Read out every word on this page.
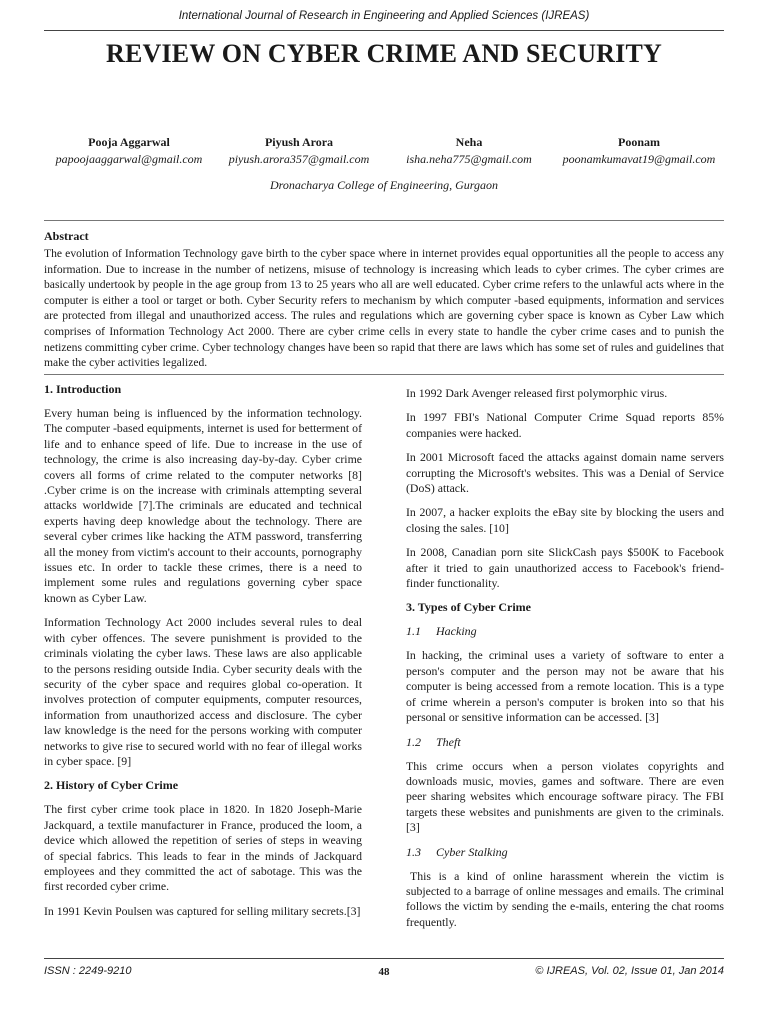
International Journal of Research in Engineering and Applied Sciences (IJREAS)
REVIEW ON CYBER CRIME AND SECURITY
Pooja Aggarwal
papoojaaggarwal@gmail.com
Piyush Arora
piyush.arora357@gmail.com
Neha
isha.neha775@gmail.com
Poonam
poonamkumavat19@gmail.com
Dronacharya College of Engineering, Gurgaon
Abstract

The evolution of Information Technology gave birth to the cyber space where in internet provides equal opportunities all the people to access any information. Due to increase in the number of netizens, misuse of technology is increasing which leads to cyber crimes. The cyber crimes are basically undertook by people in the age group from 13 to 25 years who all are well educated. Cyber crime refers to the unlawful acts where in the computer is either a tool or target or both. Cyber Security refers to mechanism by which computer -based equipments, information and services are protected from illegal and unauthorized access. The rules and regulations which are governing cyber space is known as Cyber Law which comprises of Information Technology Act 2000. There are cyber crime cells in every state to handle the cyber crime cases and to punish the netizens committing cyber crime. Cyber technology changes have been so rapid that there are laws which has some set of rules and guidelines that make the cyber activities legalized.

1. Introduction

Every human being is influenced by the information technology. The computer -based equipments, internet is used for betterment of life and to enhance speed of life. Due to increase in the use of technology, the crime is also increasing day-by-day. Cyber crime covers all forms of crime related to the computer networks [8] .Cyber crime is on the increase with criminals attempting several attacks worldwide [7].The criminals are educated and technical experts having deep knowledge about the technology. There are several cyber crimes like hacking the ATM password, transferring all the money from victim's account to their accounts, pornography issues etc. In order to tackle these crimes, there is a need to implement some rules and regulations governing cyber space known as Cyber Law.

Information Technology Act 2000 includes several rules to deal with cyber offences. The severe punishment is provided to the criminals violating the cyber laws. These laws are also applicable to the persons residing outside India. Cyber security deals with the security of the cyber space and requires global co-operation. It involves protection of computer equipments, computer resources, information from unauthorized access and disclosure. The cyber law knowledge is the need for the persons working with computer networks to give rise to secured world with no fear of illegal works in cyber space. [9]

2. History of Cyber Crime

The first cyber crime took place in 1820. In 1820 Joseph-Marie Jackquard, a textile manufacturer in France, produced the loom, a device which allowed the repetition of series of steps in weaving of special fabrics. This leads to fear in the minds of Jackquard employees and they committed the act of sabotage. This was the first recorded cyber crime.

In 1991 Kevin Poulsen was captured for selling military secrets.[3]

In 1992 Dark Avenger released first polymorphic virus.

In 1997 FBI's National Computer Crime Squad reports 85% companies were hacked.

In 2001 Microsoft faced the attacks against domain name servers corrupting the Microsoft's websites. This was a Denial of Service (DoS) attack.

In 2007, a hacker exploits the eBay site by blocking the users and closing the sales. [10]

In 2008, Canadian porn site SlickCash pays $500K to Facebook after it tried to gain unauthorized access to Facebook's friend-finder functionality.

3. Types of Cyber Crime
1.1 Hacking

In hacking, the criminal uses a variety of software to enter a person's computer and the person may not be aware that his computer is being accessed from a remote location. This is a type of crime wherein a person's computer is broken into so that his personal or sensitive information can be accessed. [3]

1.2 Theft

This crime occurs when a person violates copyrights and downloads music, movies, games and software. There are even peer sharing websites which encourage software piracy. The FBI targets these websites and punishments are given to the criminals. [3]

1.3 Cyber Stalking

This is a kind of online harassment wherein the victim is subjected to a barrage of online messages and emails. The criminal follows the victim by sending the e-mails, entering the chat rooms frequently.

ISSN : 2249-9210	48	© IJREAS, Vol. 02, Issue 01, Jan 2014
